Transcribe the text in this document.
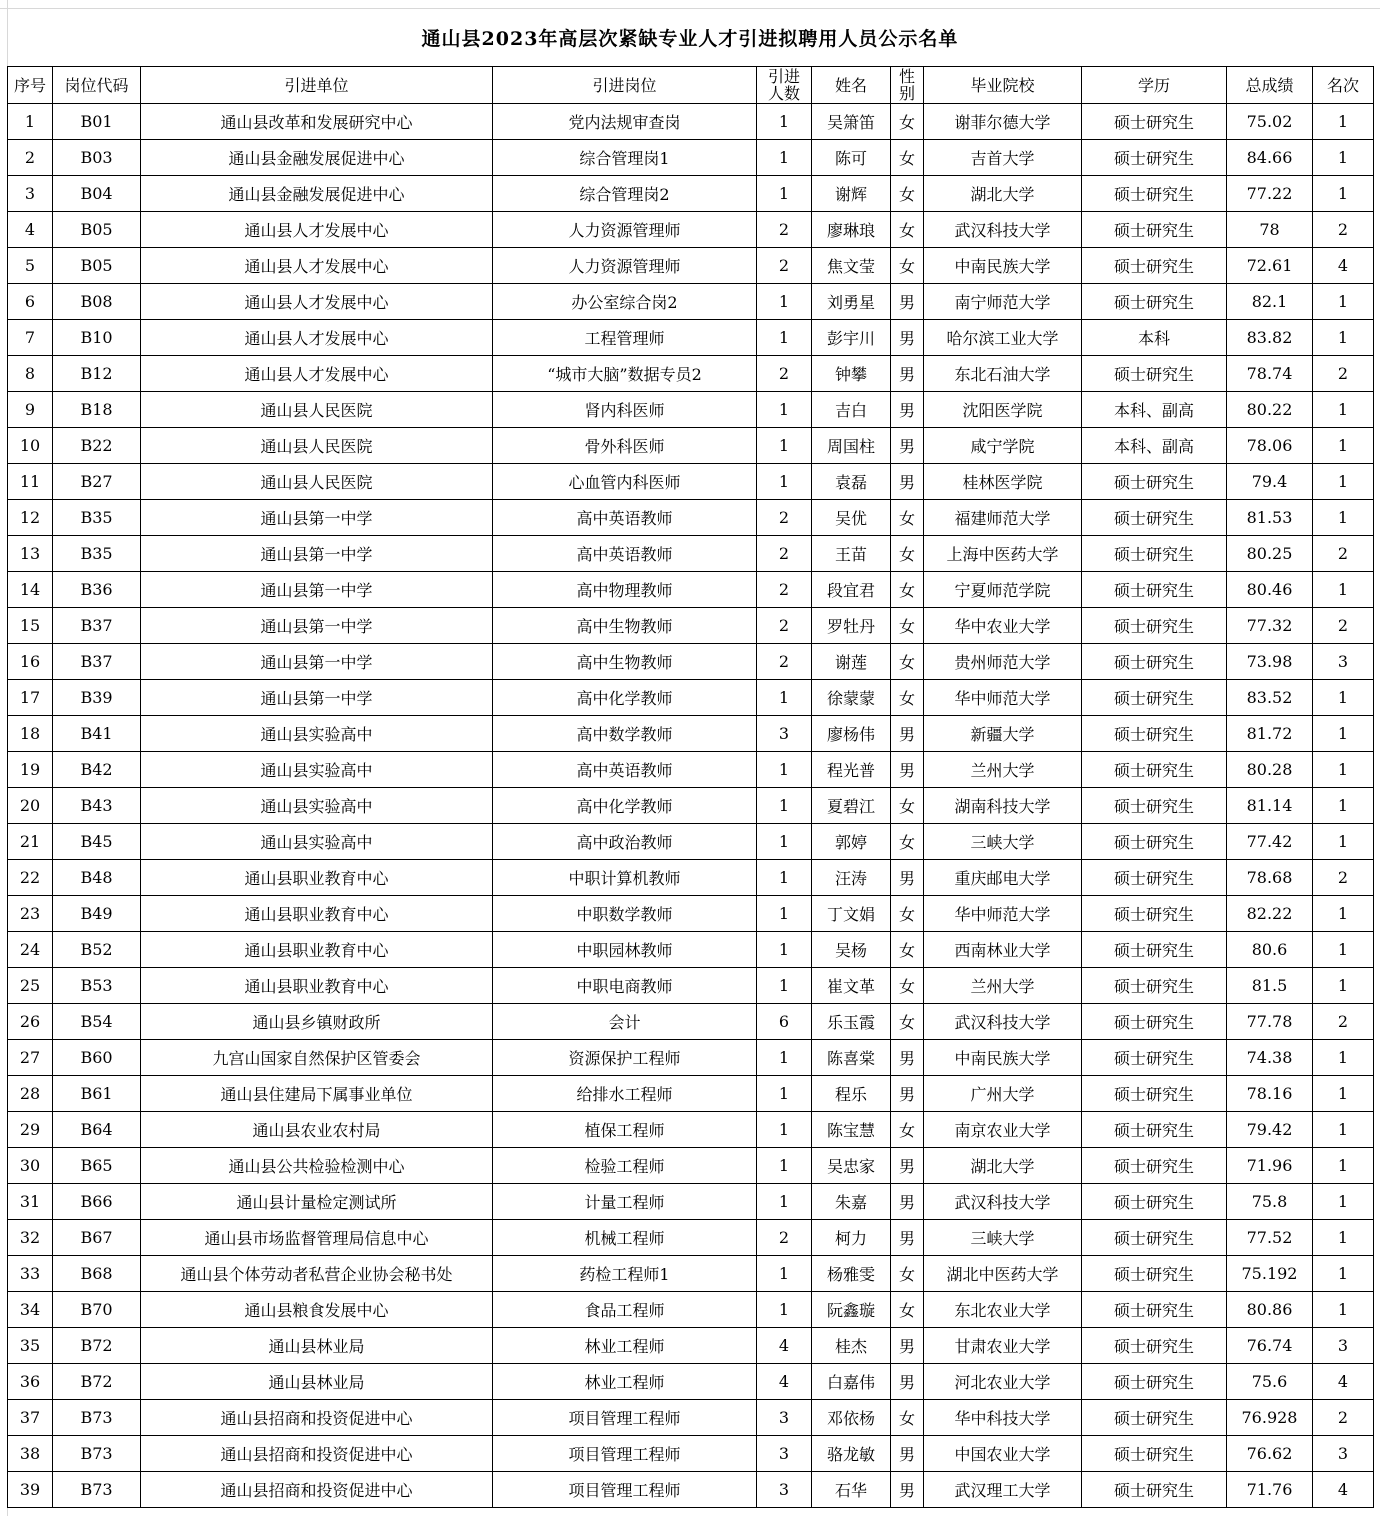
通山县2023年高层次紧缺专业人才引进拟聘用人员公示名单
序号	岗位代码	引进单位	引进岗位	引进人数	姓名	性别	毕业院校	学历	总成绩	名次
1	B01	通山县改革和发展研究中心	党内法规审查岗	1	吴箫笛	女	谢菲尔德大学	硕士研究生	75.02	1
2	B03	通山县金融发展促进中心	综合管理岗1	1	陈可	女	吉首大学	硕士研究生	84.66	1
3	B04	通山县金融发展促进中心	综合管理岗2	1	谢辉	女	湖北大学	硕士研究生	77.22	1
4	B05	通山县人才发展中心	人力资源管理师	2	廖琳琅	女	武汉科技大学	硕士研究生	78	2
5	B05	通山县人才发展中心	人力资源管理师	2	焦文莹	女	中南民族大学	硕士研究生	72.61	4
6	B08	通山县人才发展中心	办公室综合岗2	1	刘勇星	男	南宁师范大学	硕士研究生	82.1	1
7	B10	通山县人才发展中心	工程管理师	1	彭宇川	男	哈尔滨工业大学	本科	83.82	1
8	B12	通山县人才发展中心	“城市大脑”数据专员2	2	钟攀	男	东北石油大学	硕士研究生	78.74	2
9	B18	通山县人民医院	肾内科医师	1	吉白	男	沈阳医学院	本科、副高	80.22	1
10	B22	通山县人民医院	骨外科医师	1	周国柱	男	咸宁学院	本科、副高	78.06	1
11	B27	通山县人民医院	心血管内科医师	1	袁磊	男	桂林医学院	硕士研究生	79.4	1
12	B35	通山县第一中学	高中英语教师	2	吴优	女	福建师范大学	硕士研究生	81.53	1
13	B35	通山县第一中学	高中英语教师	2	王苗	女	上海中医药大学	硕士研究生	80.25	2
14	B36	通山县第一中学	高中物理教师	2	段宜君	女	宁夏师范学院	硕士研究生	80.46	1
15	B37	通山县第一中学	高中生物教师	2	罗牡丹	女	华中农业大学	硕士研究生	77.32	2
16	B37	通山县第一中学	高中生物教师	2	谢莲	女	贵州师范大学	硕士研究生	73.98	3
17	B39	通山县第一中学	高中化学教师	1	徐蒙蒙	女	华中师范大学	硕士研究生	83.52	1
18	B41	通山县实验高中	高中数学教师	3	廖杨伟	男	新疆大学	硕士研究生	81.72	1
19	B42	通山县实验高中	高中英语教师	1	程光普	男	兰州大学	硕士研究生	80.28	1
20	B43	通山县实验高中	高中化学教师	1	夏碧江	女	湖南科技大学	硕士研究生	81.14	1
21	B45	通山县实验高中	高中政治教师	1	郭婷	女	三峡大学	硕士研究生	77.42	1
22	B48	通山县职业教育中心	中职计算机教师	1	汪涛	男	重庆邮电大学	硕士研究生	78.68	2
23	B49	通山县职业教育中心	中职数学教师	1	丁文娟	女	华中师范大学	硕士研究生	82.22	1
24	B52	通山县职业教育中心	中职园林教师	1	吴杨	女	西南林业大学	硕士研究生	80.6	1
25	B53	通山县职业教育中心	中职电商教师	1	崔文革	女	兰州大学	硕士研究生	81.5	1
26	B54	通山县乡镇财政所	会计	6	乐玉霞	女	武汉科技大学	硕士研究生	77.78	2
27	B60	九宫山国家自然保护区管委会	资源保护工程师	1	陈喜棠	男	中南民族大学	硕士研究生	74.38	1
28	B61	通山县住建局下属事业单位	给排水工程师	1	程乐	男	广州大学	硕士研究生	78.16	1
29	B64	通山县农业农村局	植保工程师	1	陈宝慧	女	南京农业大学	硕士研究生	79.42	1
30	B65	通山县公共检验检测中心	检验工程师	1	吴忠家	男	湖北大学	硕士研究生	71.96	1
31	B66	通山县计量检定测试所	计量工程师	1	朱嘉	男	武汉科技大学	硕士研究生	75.8	1
32	B67	通山县市场监督管理局信息中心	机械工程师	2	柯力	男	三峡大学	硕士研究生	77.52	1
33	B68	通山县个体劳动者私营企业协会秘书处	药检工程师1	1	杨雅雯	女	湖北中医药大学	硕士研究生	75.192	1
34	B70	通山县粮食发展中心	食品工程师	1	阮鑫璇	女	东北农业大学	硕士研究生	80.86	1
35	B72	通山县林业局	林业工程师	4	桂杰	男	甘肃农业大学	硕士研究生	76.74	3
36	B72	通山县林业局	林业工程师	4	白嘉伟	男	河北农业大学	硕士研究生	75.6	4
37	B73	通山县招商和投资促进中心	项目管理工程师	3	邓依杨	女	华中科技大学	硕士研究生	76.928	2
38	B73	通山县招商和投资促进中心	项目管理工程师	3	骆龙敏	男	中国农业大学	硕士研究生	76.62	3
39	B73	通山县招商和投资促进中心	项目管理工程师	3	石华	男	武汉理工大学	硕士研究生	71.76	4
